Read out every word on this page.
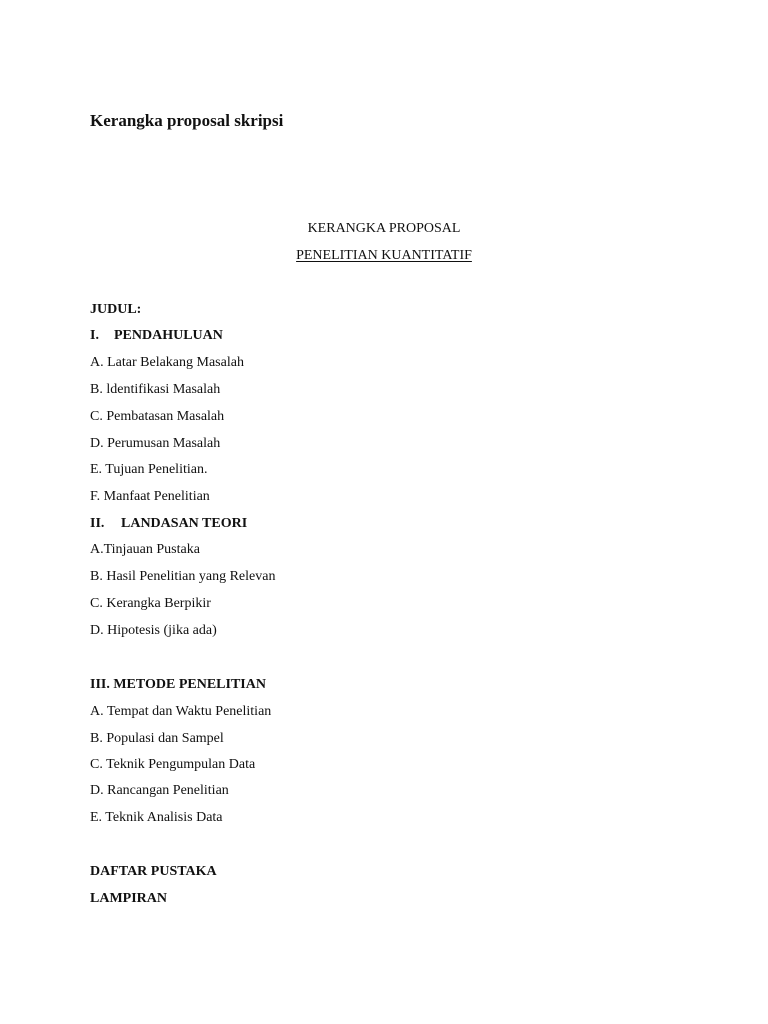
Kerangka proposal skripsi
KERANGKA PROPOSAL
PENELITIAN KUANTITATIF
JUDUL:
I. PENDAHULUAN
A. Latar Belakang Masalah
B. ldentifikasi Masalah
C. Pembatasan Masalah
D. Perumusan Masalah
E. Tujuan Penelitian.
F. Manfaat Penelitian
II. LANDASAN TEORI
A.Tinjauan Pustaka
B. Hasil Penelitian yang Relevan
C. Kerangka Berpikir
D. Hipotesis (jika ada)
III. METODE PENELITIAN
A. Tempat dan Waktu Penelitian
B. Populasi dan Sampel
C. Teknik Pengumpulan Data
D. Rancangan Penelitian
E. Teknik Analisis Data
DAFTAR PUSTAKA
LAMPIRAN
